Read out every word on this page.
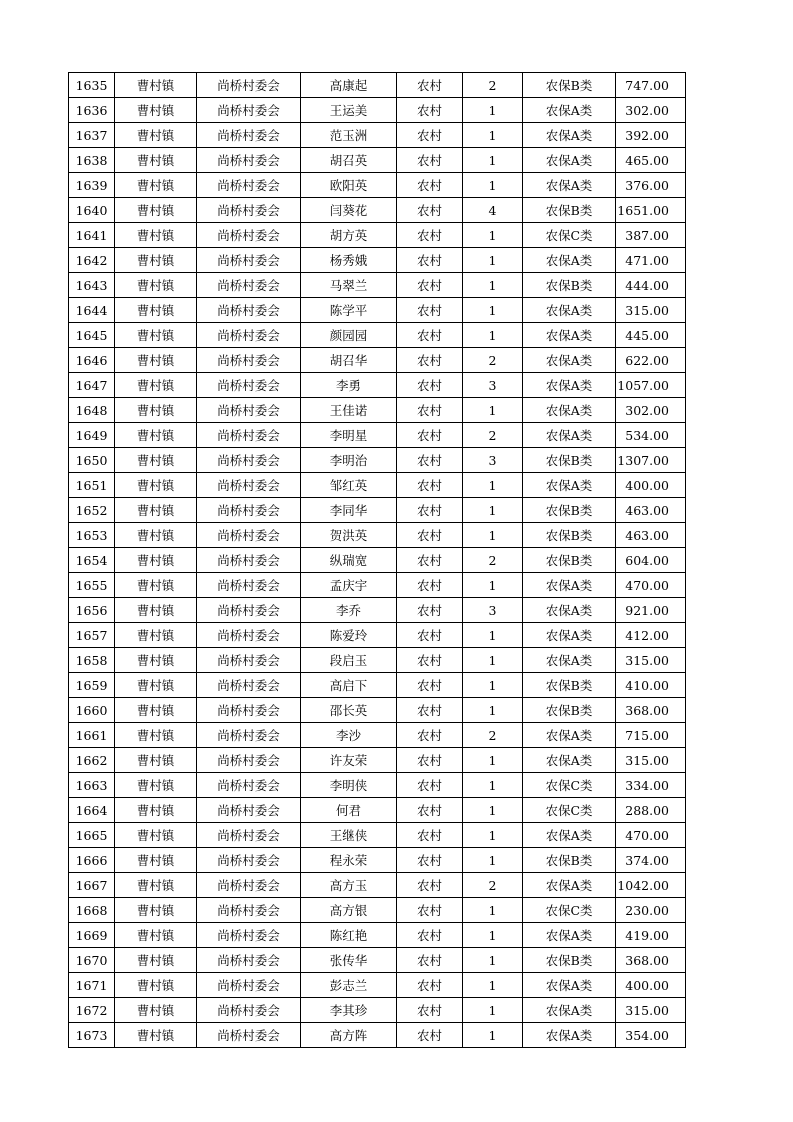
1635	曹村镇	尚桥村委会	高康起	农村	2	农保B类	747.00
1636	曹村镇	尚桥村委会	王运美	农村	1	农保A类	302.00
1637	曹村镇	尚桥村委会	范玉洲	农村	1	农保A类	392.00
1638	曹村镇	尚桥村委会	胡召英	农村	1	农保A类	465.00
1639	曹村镇	尚桥村委会	欧阳英	农村	1	农保A类	376.00
1640	曹村镇	尚桥村委会	闫葵花	农村	4	农保B类	1651.00
1641	曹村镇	尚桥村委会	胡方英	农村	1	农保C类	387.00
1642	曹村镇	尚桥村委会	杨秀娥	农村	1	农保A类	471.00
1643	曹村镇	尚桥村委会	马翠兰	农村	1	农保B类	444.00
1644	曹村镇	尚桥村委会	陈学平	农村	1	农保A类	315.00
1645	曹村镇	尚桥村委会	颜园园	农村	1	农保A类	445.00
1646	曹村镇	尚桥村委会	胡召华	农村	2	农保A类	622.00
1647	曹村镇	尚桥村委会	李勇	农村	3	农保A类	1057.00
1648	曹村镇	尚桥村委会	王佳诺	农村	1	农保A类	302.00
1649	曹村镇	尚桥村委会	李明星	农村	2	农保A类	534.00
1650	曹村镇	尚桥村委会	李明治	农村	3	农保B类	1307.00
1651	曹村镇	尚桥村委会	邹红英	农村	1	农保A类	400.00
1652	曹村镇	尚桥村委会	李同华	农村	1	农保B类	463.00
1653	曹村镇	尚桥村委会	贺洪英	农村	1	农保B类	463.00
1654	曹村镇	尚桥村委会	纵瑞宽	农村	2	农保B类	604.00
1655	曹村镇	尚桥村委会	孟庆宇	农村	1	农保A类	470.00
1656	曹村镇	尚桥村委会	李乔	农村	3	农保A类	921.00
1657	曹村镇	尚桥村委会	陈爱玲	农村	1	农保A类	412.00
1658	曹村镇	尚桥村委会	段启玉	农村	1	农保A类	315.00
1659	曹村镇	尚桥村委会	高启下	农村	1	农保B类	410.00
1660	曹村镇	尚桥村委会	邵长英	农村	1	农保B类	368.00
1661	曹村镇	尚桥村委会	李沙	农村	2	农保A类	715.00
1662	曹村镇	尚桥村委会	许友荣	农村	1	农保A类	315.00
1663	曹村镇	尚桥村委会	李明侠	农村	1	农保C类	334.00
1664	曹村镇	尚桥村委会	何君	农村	1	农保C类	288.00
1665	曹村镇	尚桥村委会	王继侠	农村	1	农保A类	470.00
1666	曹村镇	尚桥村委会	程永荣	农村	1	农保B类	374.00
1667	曹村镇	尚桥村委会	高方玉	农村	2	农保A类	1042.00
1668	曹村镇	尚桥村委会	高方银	农村	1	农保C类	230.00
1669	曹村镇	尚桥村委会	陈红艳	农村	1	农保A类	419.00
1670	曹村镇	尚桥村委会	张传华	农村	1	农保B类	368.00
1671	曹村镇	尚桥村委会	彭志兰	农村	1	农保A类	400.00
1672	曹村镇	尚桥村委会	李其珍	农村	1	农保A类	315.00
1673	曹村镇	尚桥村委会	高方阵	农村	1	农保A类	354.00
